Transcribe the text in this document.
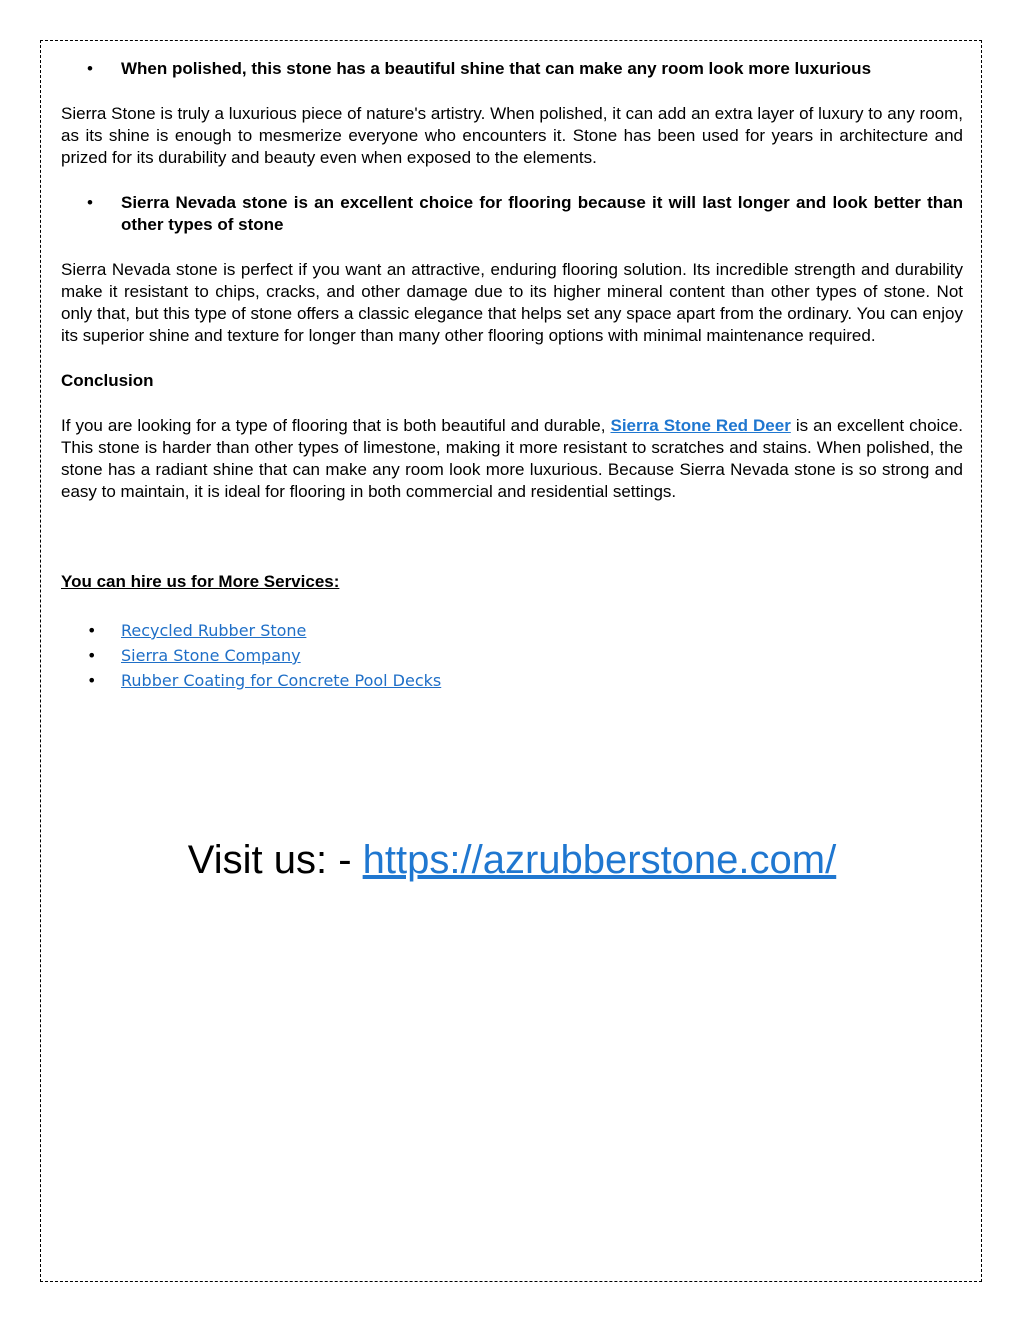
• When polished, this stone has a beautiful shine that can make any room look more luxurious

Sierra Stone is truly a luxurious piece of nature's artistry. When polished, it can add an extra layer of luxury to any room, as its shine is enough to mesmerize everyone who encounters it. Stone has been used for years in architecture and prized for its durability and beauty even when exposed to the elements.

• Sierra Nevada stone is an excellent choice for flooring because it will last longer and look better than other types of stone

Sierra Nevada stone is perfect if you want an attractive, enduring flooring solution. Its incredible strength and durability make it resistant to chips, cracks, and other damage due to its higher mineral content than other types of stone. Not only that, but this type of stone offers a classic elegance that helps set any space apart from the ordinary. You can enjoy its superior shine and texture for longer than many other flooring options with minimal maintenance required.

Conclusion

If you are looking for a type of flooring that is both beautiful and durable, Sierra Stone Red Deer is an excellent choice. This stone is harder than other types of limestone, making it more resistant to scratches and stains. When polished, the stone has a radiant shine that can make any room look more luxurious. Because Sierra Nevada stone is so strong and easy to maintain, it is ideal for flooring in both commercial and residential settings.

You can hire us for More Services:
• Recycled Rubber Stone
• Sierra Stone Company
• Rubber Coating for Concrete Pool Decks
Visit us: - https://azrubberstone.com/
